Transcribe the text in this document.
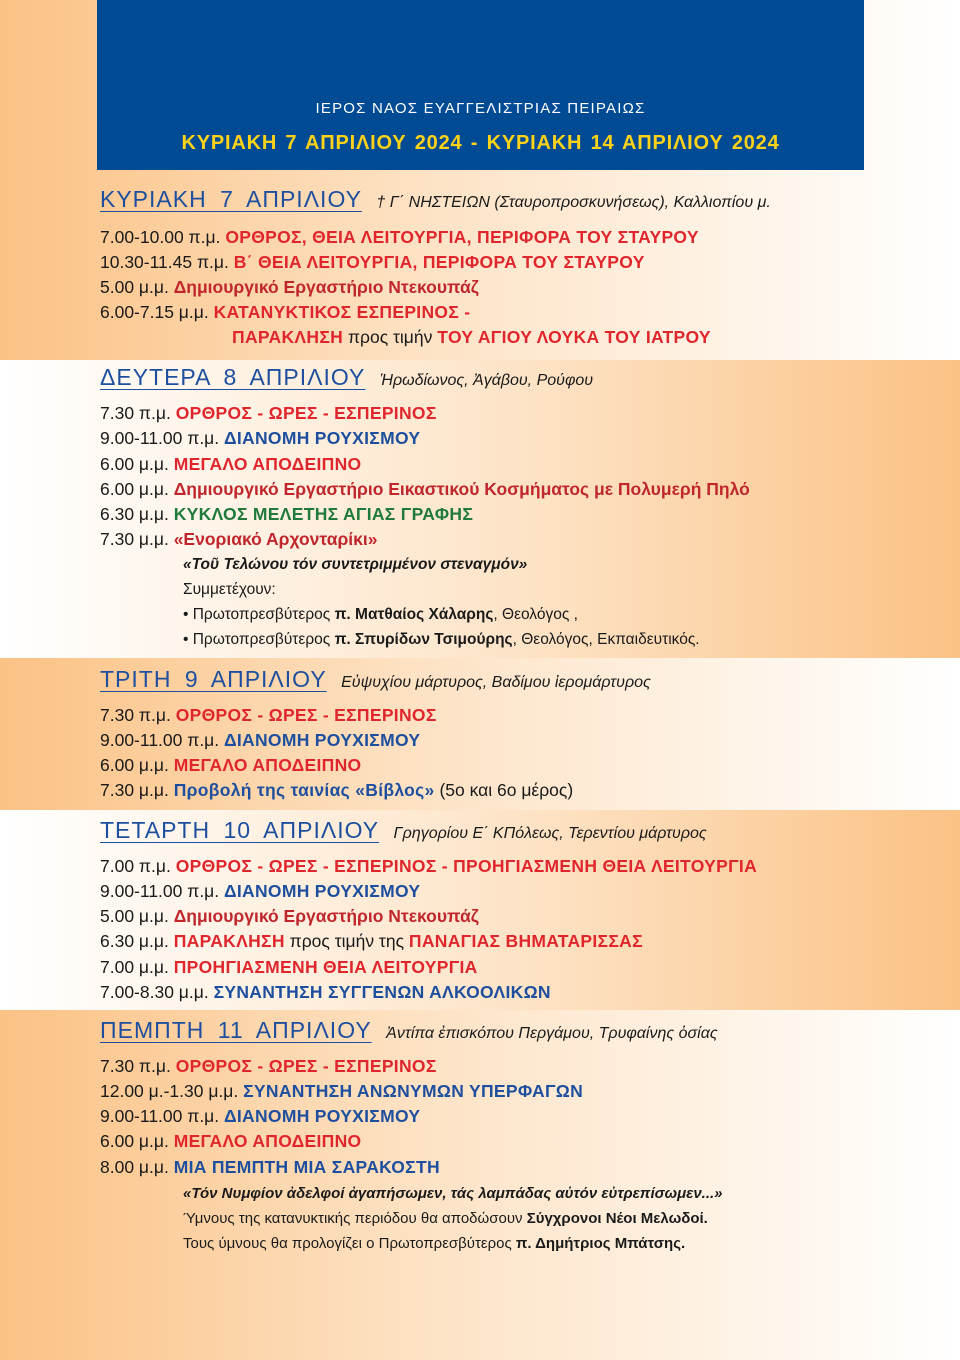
ΙΕΡΟΣ ΝΑΟΣ ΕΥΑΓΓΕΛΙΣΤΡΙΑΣ ΠΕΙΡΑΙΩΣ
ΚΥΡΙΑΚΗ 7 ΑΠΡΙΛΙΟΥ 2024 - ΚΥΡΙΑΚΗ 14 ΑΠΡΙΛΙΟΥ 2024
ΚΥΡΙΑΚΗ 7 ΑΠΡΙΛΙΟΥ † Γ΄ ΝΗΣΤΕΙΩΝ (Σταυροπροσκυνήσεως), Καλλιοπίου μ.
7.00-10.00 π.μ. ΟΡΘΡΟΣ, ΘΕΙΑ ΛΕΙΤΟΥΡΓΙΑ, ΠΕΡΙΦΟΡΑ ΤΟΥ ΣΤΑΥΡΟΥ
10.30-11.45 π.μ. Β΄ ΘΕΙΑ ΛΕΙΤΟΥΡΓΙΑ, ΠΕΡΙΦΟΡΑ ΤΟΥ ΣΤΑΥΡΟΥ
5.00 μ.μ. Δημιουργικό Εργαστήριο Ντεκουπάζ
6.00-7.15 μ.μ. ΚΑΤΑΝΥΚΤΙΚΟΣ ΕΣΠΕΡΙΝΟΣ -
ΠΑΡΑΚΛΗΣΗ προς τιμήν ΤΟΥ ΑΓΙΟΥ ΛΟΥΚΑ ΤΟΥ ΙΑΤΡΟΥ
ΔΕΥΤΕΡΑ 8 ΑΠΡΙΛΙΟΥ Ἡρωδίωνος, Ἀγάβου, Ρούφου
7.30 π.μ. ΟΡΘΡΟΣ - ΩΡΕΣ - ΕΣΠΕΡΙΝΟΣ
9.00-11.00 π.μ. ΔΙΑΝΟΜΗ ΡΟΥΧΙΣΜΟΥ
6.00 μ.μ. ΜΕΓΑΛΟ ΑΠΟΔΕΙΠΝΟ
6.00 μ.μ. Δημιουργικό Εργαστήριο Εικαστικού Κοσμήματος με Πολυμερή Πηλό
6.30 μ.μ. ΚΥΚΛΟΣ ΜΕΛΕΤΗΣ ΑΓΙΑΣ ΓΡΑΦΗΣ
7.30 μ.μ. «Ενοριακό Αρχονταρίκι»
«Τοῦ Τελώνου τόν συντετριμμένον στεναγμόν»
Συμμετέχουν:
• Πρωτοπρεσβύτερος π. Ματθαίος Χάλαρης, Θεολόγος ,
• Πρωτοπρεσβύτερος π. Σπυρίδων Τσιμούρης, Θεολόγος, Εκπαιδευτικός.
ΤΡΙΤΗ 9 ΑΠΡΙΛΙΟΥ Εὐψυχίου μάρτυρος, Βαδίμου ἱερομάρτυρος
7.30 π.μ. ΟΡΘΡΟΣ - ΩΡΕΣ - ΕΣΠΕΡΙΝΟΣ
9.00-11.00 π.μ. ΔΙΑΝΟΜΗ ΡΟΥΧΙΣΜΟΥ
6.00 μ.μ. ΜΕΓΑΛΟ ΑΠΟΔΕΙΠΝΟ
7.30 μ.μ. Προβολή της ταινίας «Βίβλος» (5ο και 6ο μέρος)
ΤΕΤΑΡΤΗ 10 ΑΠΡΙΛΙΟΥ Γρηγορίου Ε΄ ΚΠόλεως, Τερεντίου μάρτυρος
7.00 π.μ. ΟΡΘΡΟΣ - ΩΡΕΣ - ΕΣΠΕΡΙΝΟΣ - ΠΡΟΗΓΙΑΣΜΕΝΗ ΘΕΙΑ ΛΕΙΤΟΥΡΓΙΑ
9.00-11.00 π.μ. ΔΙΑΝΟΜΗ ΡΟΥΧΙΣΜΟΥ
5.00 μ.μ. Δημιουργικό Εργαστήριο Ντεκουπάζ
6.30 μ.μ. ΠΑΡΑΚΛΗΣΗ προς τιμήν της ΠΑΝΑΓΙΑΣ ΒΗΜΑΤΑΡΙΣΣΑΣ
7.00 μ.μ. ΠΡΟΗΓΙΑΣΜΕΝΗ ΘΕΙΑ ΛΕΙΤΟΥΡΓΙΑ
7.00-8.30 μ.μ. ΣΥΝΑΝΤΗΣΗ ΣΥΓΓΕΝΩΝ ΑΛΚΟΟΛΙΚΩΝ
ΠΕΜΠΤΗ 11 ΑΠΡΙΛΙΟΥ Ἀντίπα ἐπισκόπου Περγάμου, Τρυφαίνης ὁσίας
7.30 π.μ. ΟΡΘΡΟΣ - ΩΡΕΣ - ΕΣΠΕΡΙΝΟΣ
12.00 μ.-1.30 μ.μ. ΣΥΝΑΝΤΗΣΗ ΑΝΩΝΥΜΩΝ ΥΠΕΡΦΑΓΩΝ
9.00-11.00 π.μ. ΔΙΑΝΟΜΗ ΡΟΥΧΙΣΜΟΥ
6.00 μ.μ. ΜΕΓΑΛΟ ΑΠΟΔΕΙΠΝΟ
8.00 μ.μ. ΜΙΑ ΠΕΜΠΤΗ ΜΙΑ ΣΑΡΑΚΟΣΤΗ
«Τόν Νυμφίον ἀδελφοί ἀγαπήσωμεν, τάς λαμπάδας αὐτόν εὐτρεπίσωμεν...»
Ύμνους της κατανυκτικής περιόδου θα αποδώσουν Σύγχρονοι Νέοι Μελωδοί.
Τους ύμνους θα προλογίζει ο Πρωτοπρεσβύτερος π. Δημήτριος Μπάτσης.
